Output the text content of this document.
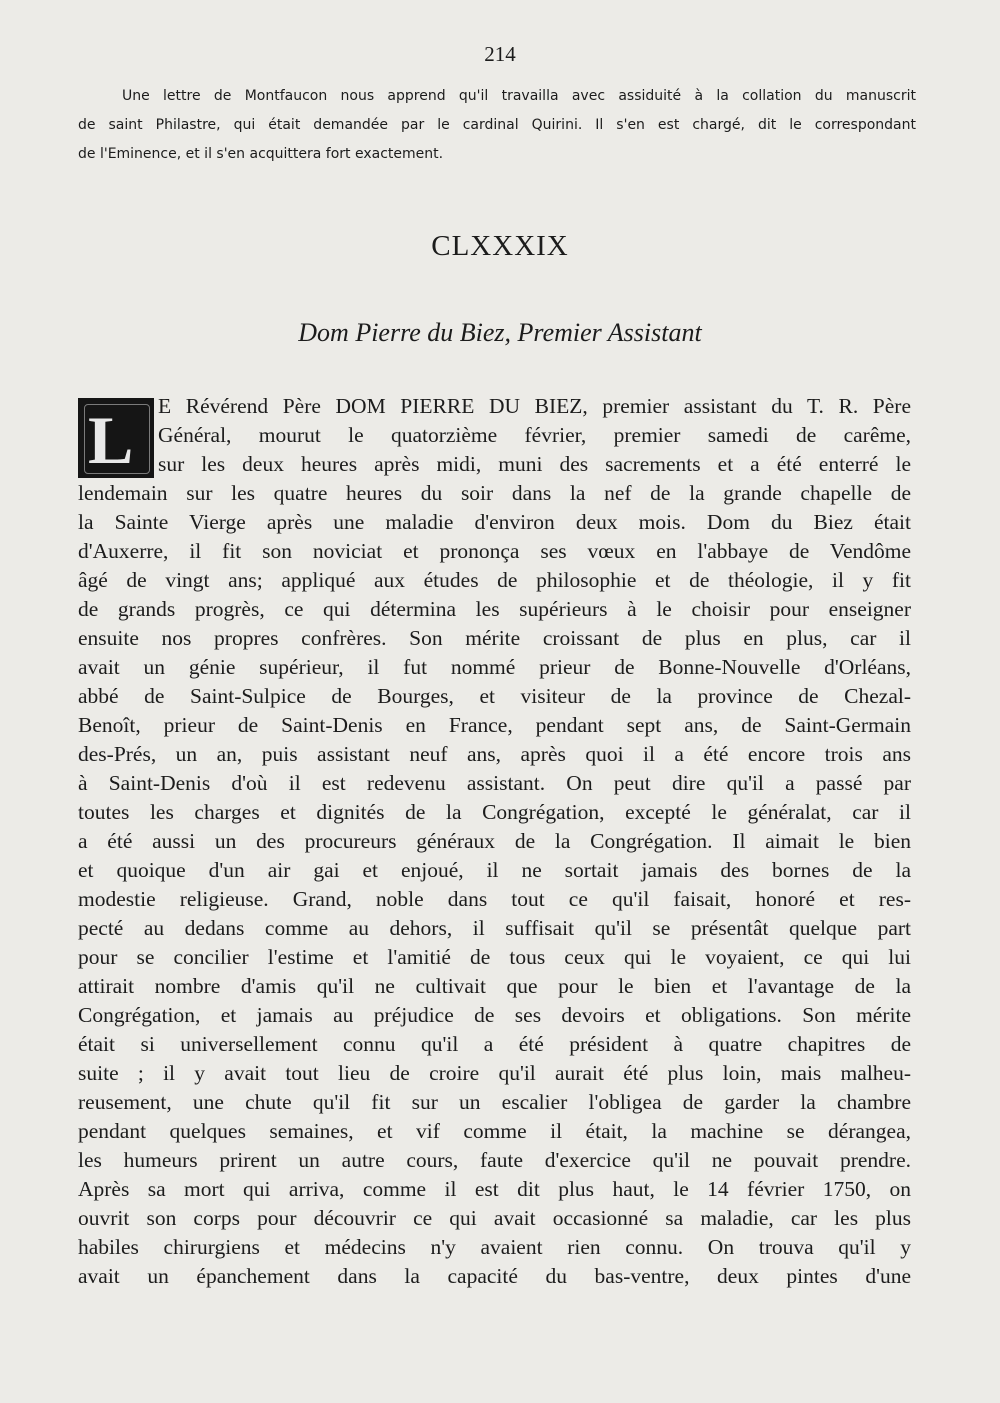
214
Une lettre de Montfaucon nous apprend qu'il travailla avec assiduité à la collation du manuscrit
de saint Philastre, qui était demandée par le cardinal Quirini. Il s'en est chargé, dit le correspondant
de l'Eminence, et il s'en acquittera fort exactement.
CLXXXIX
Dom Pierre du Biez, Premier Assistant
L	E Révérend Père DOM PIERRE DU BIEZ, premier assistant du T. R. Père
Général, mourut le quatorzième février, premier samedi de carême,
sur les deux heures après midi, muni des sacrements et a été enterré le
lendemain sur les quatre heures du soir dans la nef de la grande chapelle de
la Sainte Vierge après une maladie d'environ deux mois. Dom du Biez était
d'Auxerre, il fit son noviciat et prononça ses vœux en l'abbaye de Vendôme
âgé de vingt ans; appliqué aux études de philosophie et de théologie, il y fit
de grands progrès, ce qui détermina les supérieurs à le choisir pour enseigner
ensuite nos propres confrères. Son mérite croissant de plus en plus, car il
avait un génie supérieur, il fut nommé prieur de Bonne-Nouvelle d'Orléans,
abbé de Saint-Sulpice de Bourges, et visiteur de la province de Chezal-
Benoît, prieur de Saint-Denis en France, pendant sept ans, de Saint-Germain
des-Prés, un an, puis assistant neuf ans, après quoi il a été encore trois ans
à Saint-Denis d'où il est redevenu assistant. On peut dire qu'il a passé par
toutes les charges et dignités de la Congrégation, excepté le généralat, car il
a été aussi un des procureurs généraux de la Congrégation. Il aimait le bien
et quoique d'un air gai et enjoué, il ne sortait jamais des bornes de la
modestie religieuse. Grand, noble dans tout ce qu'il faisait, honoré et res-
pecté au dedans comme au dehors, il suffisait qu'il se présentât quelque part
pour se concilier l'estime et l'amitié de tous ceux qui le voyaient, ce qui lui
attirait nombre d'amis qu'il ne cultivait que pour le bien et l'avantage de la
Congrégation, et jamais au préjudice de ses devoirs et obligations. Son mérite
était si universellement connu qu'il a été président à quatre chapitres de
suite ; il y avait tout lieu de croire qu'il aurait été plus loin, mais malheu-
reusement, une chute qu'il fit sur un escalier l'obligea de garder la chambre
pendant quelques semaines, et vif comme il était, la machine se dérangea,
les humeurs prirent un autre cours, faute d'exercice qu'il ne pouvait prendre.
Après sa mort qui arriva, comme il est dit plus haut, le 14 février 1750, on
ouvrit son corps pour découvrir ce qui avait occasionné sa maladie, car les plus
habiles chirurgiens et médecins n'y avaient rien connu. On trouva qu'il y
avait un épanchement dans la capacité du bas-ventre, deux pintes d'une
